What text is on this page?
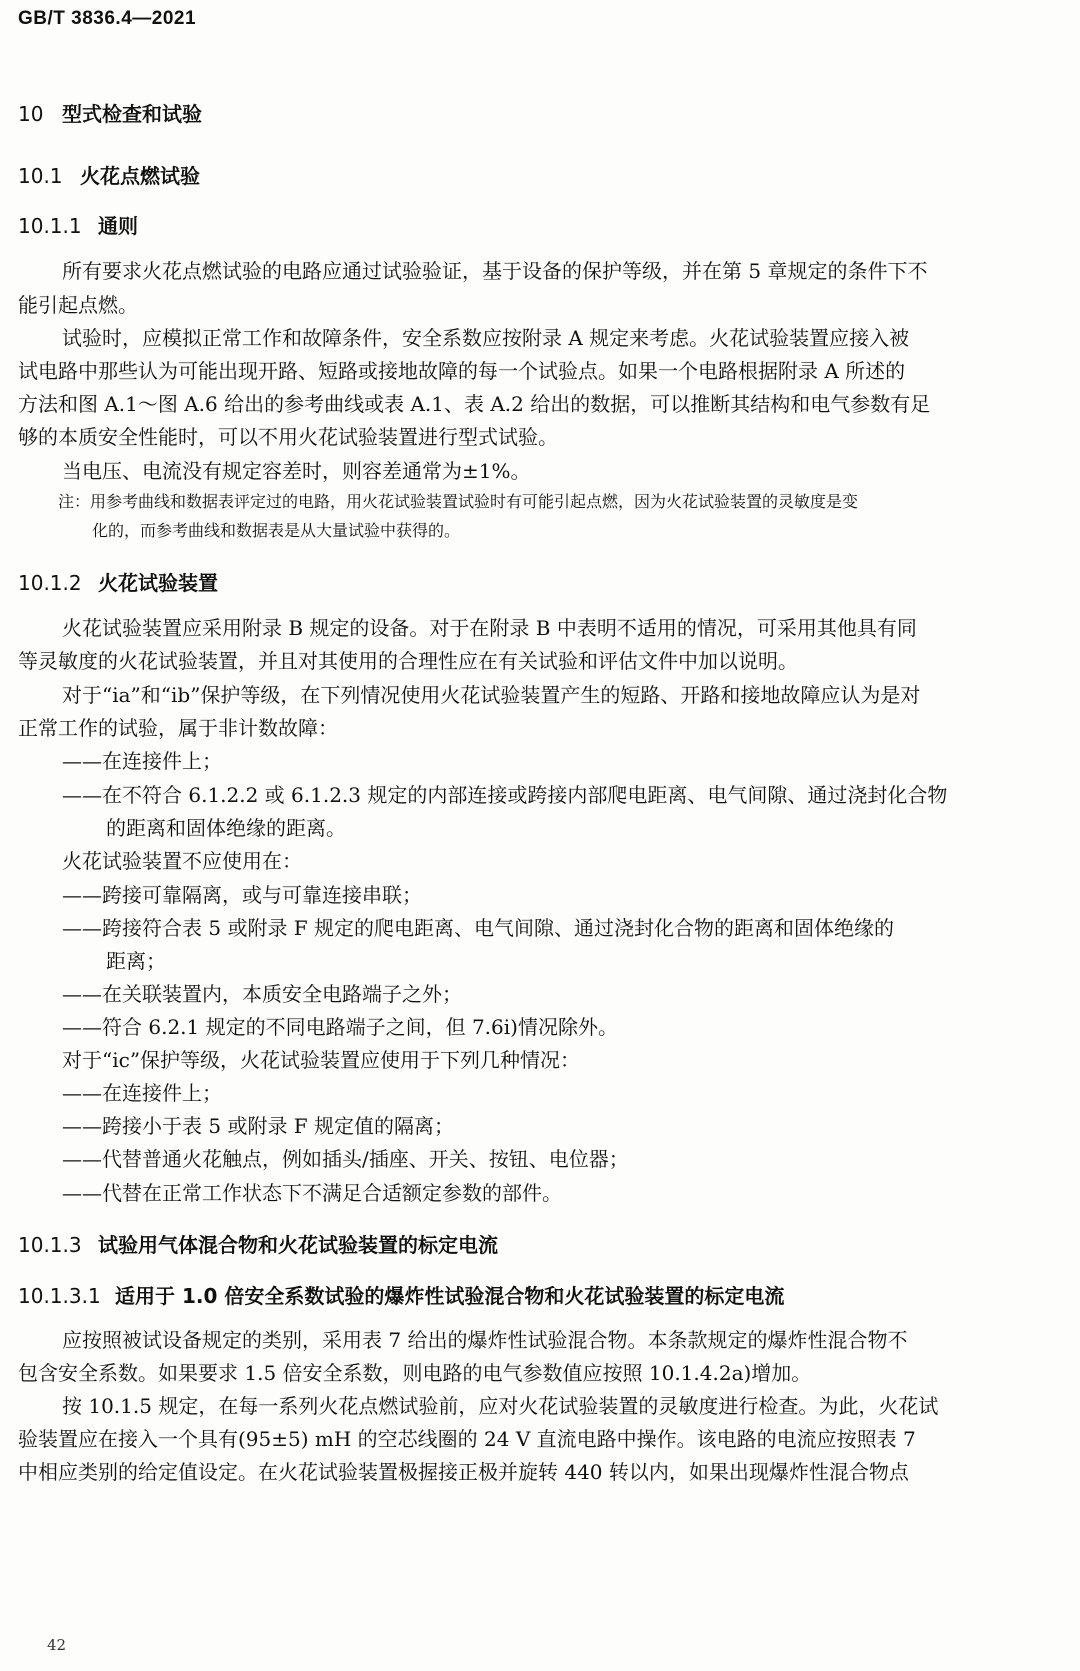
GB/T 3836.4—2021
10 型式检查和试验
10.1 火花点燃试验
10.1.1 通则
所有要求火花点燃试验的电路应通过试验验证，基于设备的保护等级，并在第 5 章规定的条件下不
能引起点燃。
试验时，应模拟正常工作和故障条件，安全系数应按附录 A 规定来考虑。火花试验装置应接入被
试电路中那些认为可能出现开路、短路或接地故障的每一个试验点。如果一个电路根据附录 A 所述的
方法和图 A.1～图 A.6 给出的参考曲线或表 A.1、表 A.2 给出的数据，可以推断其结构和电气参数有足
够的本质安全性能时，可以不用火花试验装置进行型式试验。
当电压、电流没有规定容差时，则容差通常为±1%。
注：用参考曲线和数据表评定过的电路，用火花试验装置试验时有可能引起点燃，因为火花试验装置的灵敏度是变
化的，而参考曲线和数据表是从大量试验中获得的。
10.1.2 火花试验装置
火花试验装置应采用附录 B 规定的设备。对于在附录 B 中表明不适用的情况，可采用其他具有同
等灵敏度的火花试验装置，并且对其使用的合理性应在有关试验和评估文件中加以说明。
对于“ia”和“ib”保护等级，在下列情况使用火花试验装置产生的短路、开路和接地故障应认为是对
正常工作的试验，属于非计数故障：
——在连接件上；
——在不符合 6.1.2.2 或 6.1.2.3 规定的内部连接或跨接内部爬电距离、电气间隙、通过浇封化合物
的距离和固体绝缘的距离。
火花试验装置不应使用在：
——跨接可靠隔离，或与可靠连接串联；
——跨接符合表 5 或附录 F 规定的爬电距离、电气间隙、通过浇封化合物的距离和固体绝缘的
距离；
——在关联装置内，本质安全电路端子之外；
——符合 6.2.1 规定的不同电路端子之间，但 7.6i)情况除外。
对于“ic”保护等级，火花试验装置应使用于下列几种情况：
——在连接件上；
——跨接小于表 5 或附录 F 规定值的隔离；
——代替普通火花触点，例如插头/插座、开关、按钮、电位器；
——代替在正常工作状态下不满足合适额定参数的部件。
10.1.3 试验用气体混合物和火花试验装置的标定电流
10.1.3.1 适用于 1.0 倍安全系数试验的爆炸性试验混合物和火花试验装置的标定电流
应按照被试设备规定的类别，采用表 7 给出的爆炸性试验混合物。本条款规定的爆炸性混合物不
包含安全系数。如果要求 1.5 倍安全系数，则电路的电气参数值应按照 10.1.4.2a)增加。
按 10.1.5 规定，在每一系列火花点燃试验前，应对火花试验装置的灵敏度进行检查。为此，火花试
验装置应在接入一个具有(95±5) mH 的空芯线圈的 24 V 直流电路中操作。该电路的电流应按照表 7
中相应类别的给定值设定。在火花试验装置极握接正极并旋转 440 转以内，如果出现爆炸性混合物点
42
